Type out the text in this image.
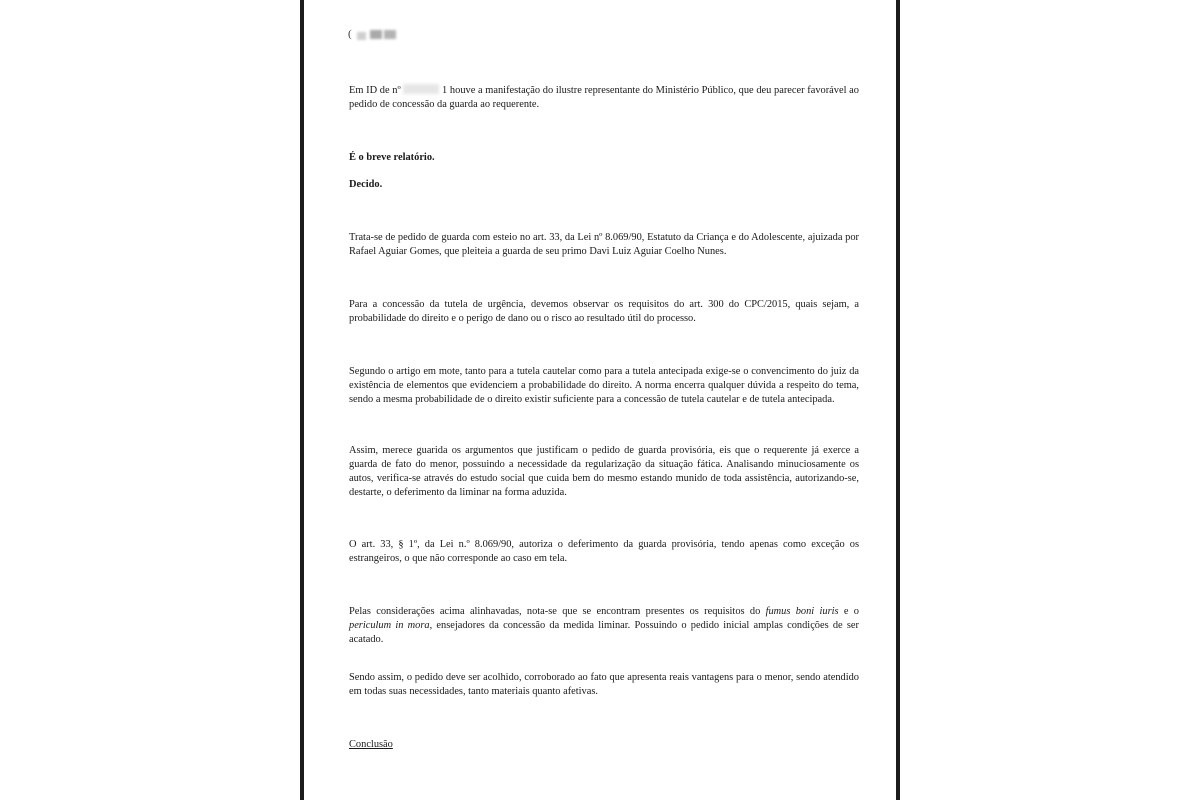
(

Em ID de nº	1 houve a manifestação do ilustre representante do Ministério Público, que deu parecer favorável ao pedido de concessão da guarda ao requerente.

É o breve relatório.

Decido.

Trata-se de pedido de guarda com esteio no art. 33, da Lei nº 8.069/90, Estatuto da Criança e do Adolescente, ajuizada por Rafael Aguiar Gomes, que pleiteia a guarda de seu primo Davi Luiz Aguiar Coelho Nunes.

Para a concessão da tutela de urgência, devemos observar os requisitos do art. 300 do CPC/2015, quais sejam, a probabilidade do direito e o perigo de dano ou o risco ao resultado útil do processo.

Segundo o artigo em mote, tanto para a tutela cautelar como para a tutela antecipada exige-se o convencimento do juiz da existência de elementos que evidenciem a probabilidade do direito. A norma encerra qualquer dúvida a respeito do tema, sendo a mesma probabilidade de o direito existir suficiente para a concessão de tutela cautelar e de tutela antecipada.

Assim, merece guarida os argumentos que justificam o pedido de guarda provisória, eis que o requerente já exerce a guarda de fato do menor, possuindo a necessidade da regularização da situação fática. Analisando minuciosamente os autos, verifica-se através do estudo social que cuida bem do mesmo estando munido de toda assistência, autorizando-se, destarte, o deferimento da liminar na forma aduzida.

O art. 33, § 1º, da Lei n.º 8.069/90, autoriza o deferimento da guarda provisória, tendo apenas como exceção os estrangeiros, o que não corresponde ao caso em tela.

Pelas considerações acima alinhavadas, nota-se que se encontram presentes os requisitos do fumus boni iuris e o periculum in mora, ensejadores da concessão da medida liminar. Possuindo o pedido inicial amplas condições de ser acatado.

Sendo assim, o pedido deve ser acolhido, corroborado ao fato que apresenta reais vantagens para o menor, sendo atendido em todas suas necessidades, tanto materiais quanto afetivas.

Conclusão
